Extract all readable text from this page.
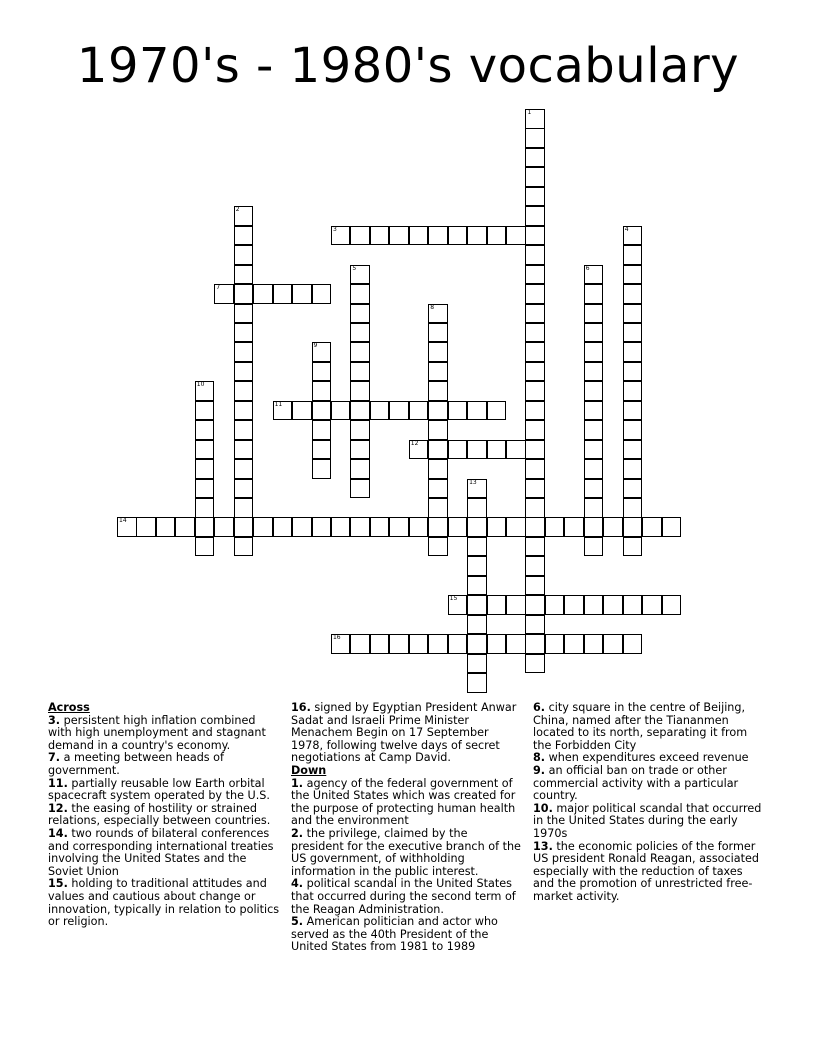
1970's - 1980's vocabulary
1
2
3	4
5	6
7
8
9
10
11
12
13
14
15
16
Across

3. persistent high inflation combined with high unemployment and stagnant demand in a country's economy.

7. a meeting between heads of government.

11. partially reusable low Earth orbital spacecraft system operated by the U.S.

12. the easing of hostility or strained relations, especially between countries.

14. two rounds of bilateral conferences and corresponding international treaties involving the United States and the Soviet Union

15. holding to traditional attitudes and values and cautious about change or innovation, typically in relation to politics or religion.

16. signed by Egyptian President Anwar Sadat and Israeli Prime Minister Menachem Begin on 17 September 1978, following twelve days of secret negotiations at Camp David.

Down

1. agency of the federal government of the United States which was created for the purpose of protecting human health and the environment

2. the privilege, claimed by the president for the executive branch of the US government, of withholding information in the public interest.

4. political scandal in the United States that occurred during the second term of the Reagan Administration.

5. American politician and actor who served as the 40th President of the United States from 1981 to 1989

6. city square in the centre of Beijing, China, named after the Tiananmen located to its north, separating it from the Forbidden City

8. when expenditures exceed revenue

9. an official ban on trade or other commercial activity with a particular country.

10. major political scandal that occurred in the United States during the early 1970s

13. the economic policies of the former US president Ronald Reagan, associated especially with the reduction of taxes and the promotion of unrestricted free-market activity.
